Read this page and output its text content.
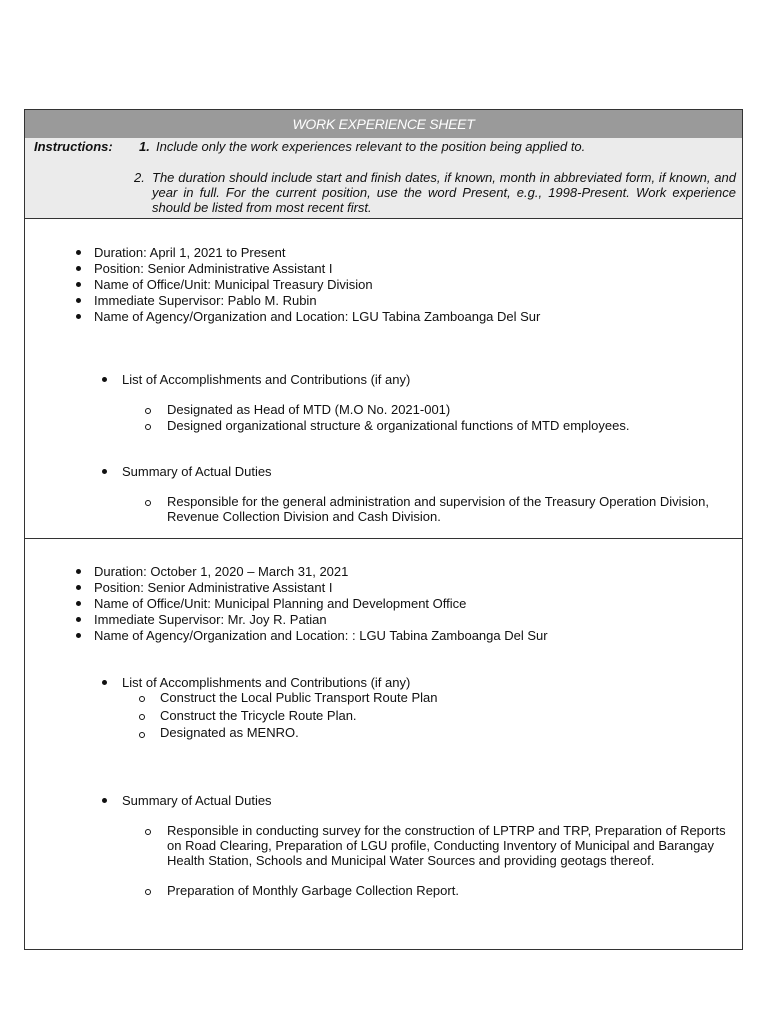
WORK EXPERIENCE SHEET
Instructions: 1. Include only the work experiences relevant to the position being applied to.
2. The duration should include start and finish dates, if known, month in abbreviated form, if known, and year in full. For the current position, use the word Present, e.g., 1998-Present. Work experience should be listed from most recent first.
Duration: April 1, 2021 to Present
Position: Senior Administrative Assistant I
Name of Office/Unit: Municipal Treasury Division
Immediate Supervisor: Pablo M. Rubin
Name of Agency/Organization and Location: LGU Tabina Zamboanga Del Sur
List of Accomplishments and Contributions (if any)
Designated as Head of MTD (M.O No. 2021-001)
Designed organizational structure & organizational functions of MTD employees.
Summary of Actual Duties
Responsible for the general administration and supervision of the Treasury Operation Division, Revenue Collection Division and Cash Division.
Duration: October 1, 2020 – March 31, 2021
Position: Senior Administrative Assistant I
Name of Office/Unit: Municipal Planning and Development Office
Immediate Supervisor: Mr. Joy R. Patian
Name of Agency/Organization and Location: : LGU Tabina Zamboanga Del Sur
List of Accomplishments and Contributions (if any)
Construct the Local Public Transport Route Plan
Construct the Tricycle Route Plan.
Designated as MENRO.
Summary of Actual Duties
Responsible in conducting survey for the construction of LPTRP and TRP, Preparation of Reports on Road Clearing, Preparation of LGU profile, Conducting Inventory of Municipal and Barangay Health Station, Schools and Municipal Water Sources and providing geotags thereof.
Preparation of Monthly Garbage Collection Report.
